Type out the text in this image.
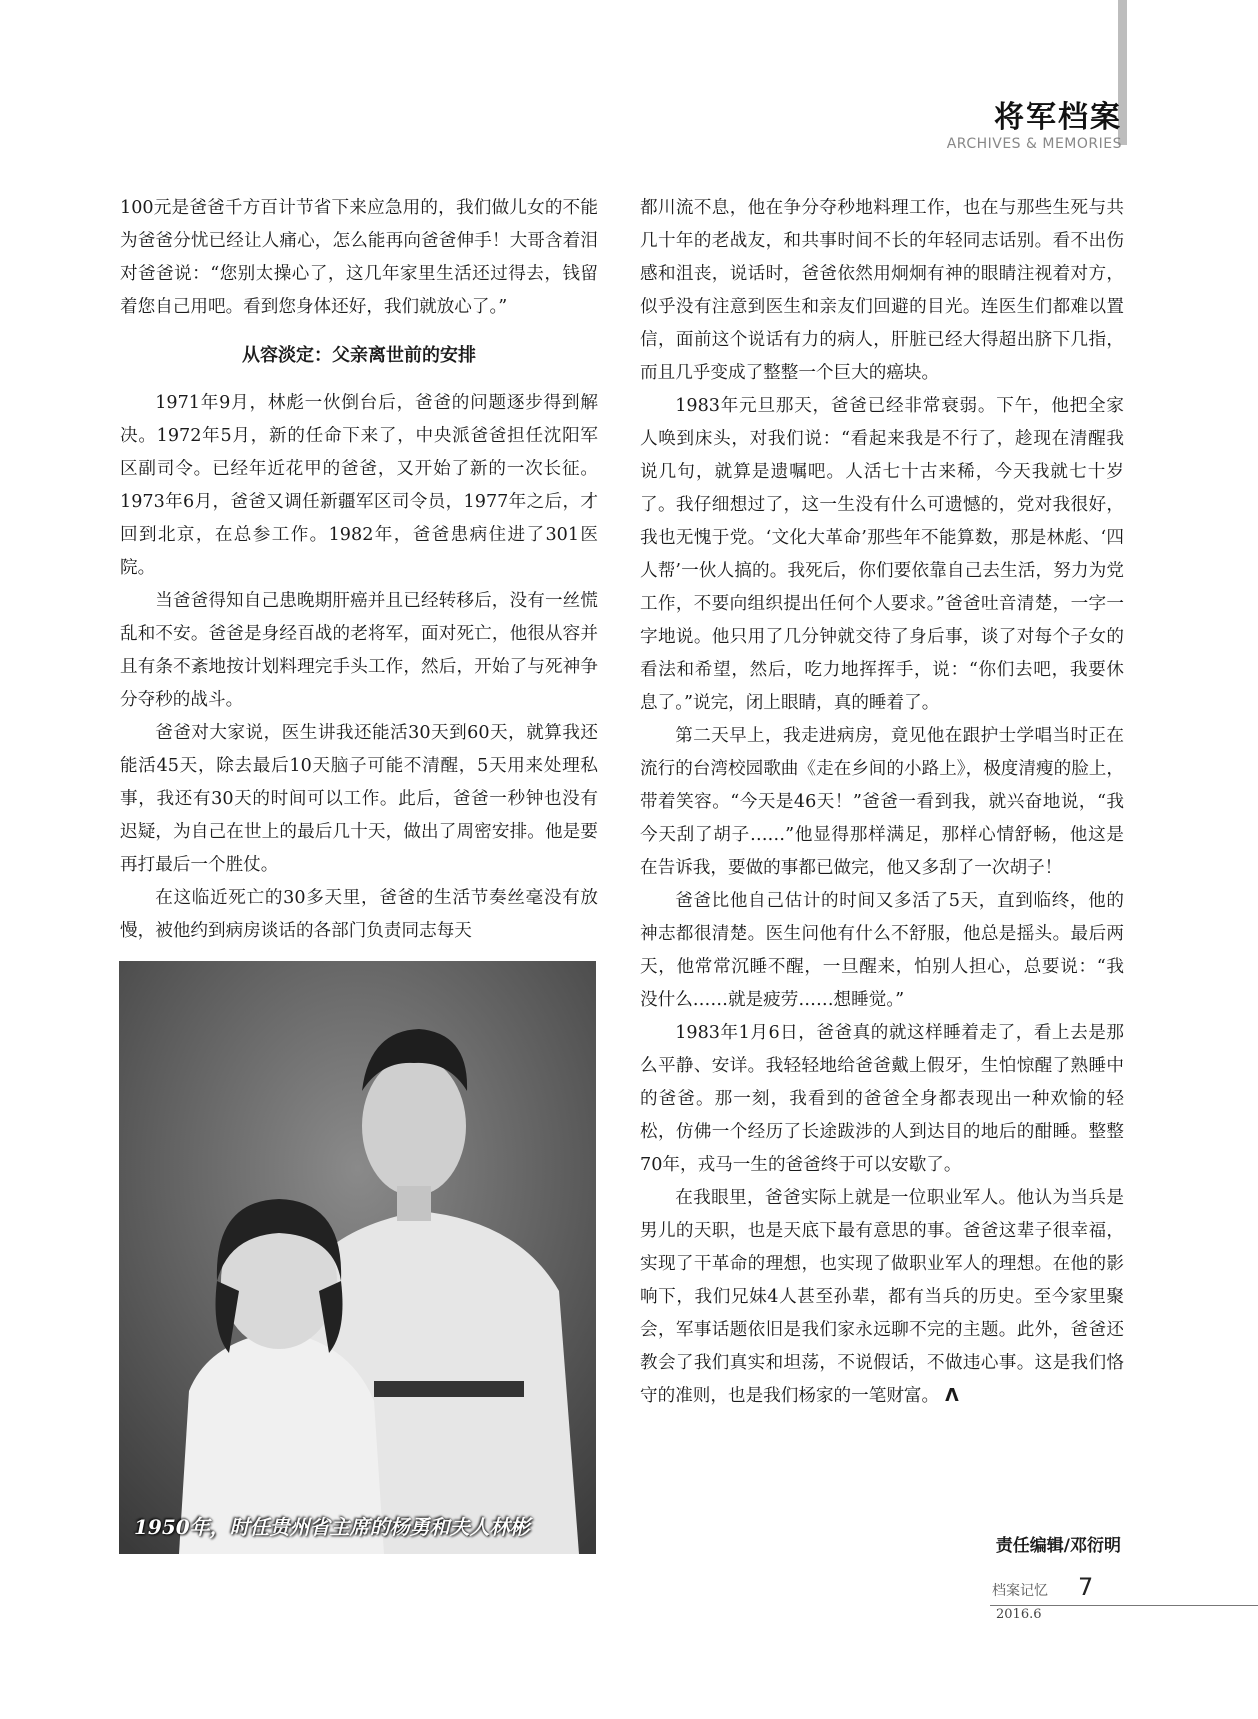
将军档案
ARCHIVES & MEMORIES

100元是爸爸千方百计节省下来应急用的，我们做儿女的不能为爸爸分忧已经让人痛心，怎么能再向爸爸伸手！大哥含着泪对爸爸说：“您别太操心了，这几年家里生活还过得去，钱留着您自己用吧。看到您身体还好，我们就放心了。”

从容淡定：父亲离世前的安排

1971年9月，林彪一伙倒台后，爸爸的问题逐步得到解决。1972年5月，新的任命下来了，中央派爸爸担任沈阳军区副司令。已经年近花甲的爸爸，又开始了新的一次长征。1973年6月，爸爸又调任新疆军区司令员，1977年之后，才回到北京，在总参工作。1982年，爸爸患病住进了301医院。

当爸爸得知自己患晚期肝癌并且已经转移后，没有一丝慌乱和不安。爸爸是身经百战的老将军，面对死亡，他很从容并且有条不紊地按计划料理完手头工作，然后，开始了与死神争分夺秒的战斗。

爸爸对大家说，医生讲我还能活30天到60天，就算我还能活45天，除去最后10天脑子可能不清醒，5天用来处理私事，我还有30天的时间可以工作。此后，爸爸一秒钟也没有迟疑，为自己在世上的最后几十天，做出了周密安排。他是要再打最后一个胜仗。

在这临近死亡的30多天里，爸爸的生活节奏丝毫没有放慢，被他约到病房谈话的各部门负责同志每天

1950年，时任贵州省主席的杨勇和夫人林彬

都川流不息，他在争分夺秒地料理工作，也在与那些生死与共几十年的老战友，和共事时间不长的年轻同志话别。看不出伤感和沮丧，说话时，爸爸依然用炯炯有神的眼睛注视着对方，似乎没有注意到医生和亲友们回避的目光。连医生们都难以置信，面前这个说话有力的病人，肝脏已经大得超出脐下几指，而且几乎变成了整整一个巨大的癌块。

1983年元旦那天，爸爸已经非常衰弱。下午，他把全家人唤到床头，对我们说：“看起来我是不行了，趁现在清醒我说几句，就算是遗嘱吧。人活七十古来稀，今天我就七十岁了。我仔细想过了，这一生没有什么可遗憾的，党对我很好，我也无愧于党。‘文化大革命’那些年不能算数，那是林彪、‘四人帮’一伙人搞的。我死后，你们要依靠自己去生活，努力为党工作，不要向组织提出任何个人要求。”爸爸吐音清楚，一字一字地说。他只用了几分钟就交待了身后事，谈了对每个子女的看法和希望，然后，吃力地挥挥手，说：“你们去吧，我要休息了。”说完，闭上眼睛，真的睡着了。

第二天早上，我走进病房，竟见他在跟护士学唱当时正在流行的台湾校园歌曲《走在乡间的小路上》，极度清瘦的脸上，带着笑容。“今天是46天！”爸爸一看到我，就兴奋地说，“我今天刮了胡子……”他显得那样满足，那样心情舒畅，他这是在告诉我，要做的事都已做完，他又多刮了一次胡子！

爸爸比他自己估计的时间又多活了5天，直到临终，他的神志都很清楚。医生问他有什么不舒服，他总是摇头。最后两天，他常常沉睡不醒，一旦醒来，怕别人担心，总要说：“我没什么……就是疲劳……想睡觉。”

1983年1月6日，爸爸真的就这样睡着走了，看上去是那么平静、安详。我轻轻地给爸爸戴上假牙，生怕惊醒了熟睡中的爸爸。那一刻，我看到的爸爸全身都表现出一种欢愉的轻松，仿佛一个经历了长途跋涉的人到达目的地后的酣睡。整整70年，戎马一生的爸爸终于可以安歇了。

在我眼里，爸爸实际上就是一位职业军人。他认为当兵是男儿的天职，也是天底下最有意思的事。爸爸这辈子很幸福，实现了干革命的理想，也实现了做职业军人的理想。在他的影响下，我们兄妹4人甚至孙辈，都有当兵的历史。至今家里聚会，军事话题依旧是我们家永远聊不完的主题。此外，爸爸还教会了我们真实和坦荡，不说假话，不做违心事。这是我们恪守的准则，也是我们杨家的一笔财富。 Λ

责任编辑/邓衍明
档案记忆 7
2016.6
